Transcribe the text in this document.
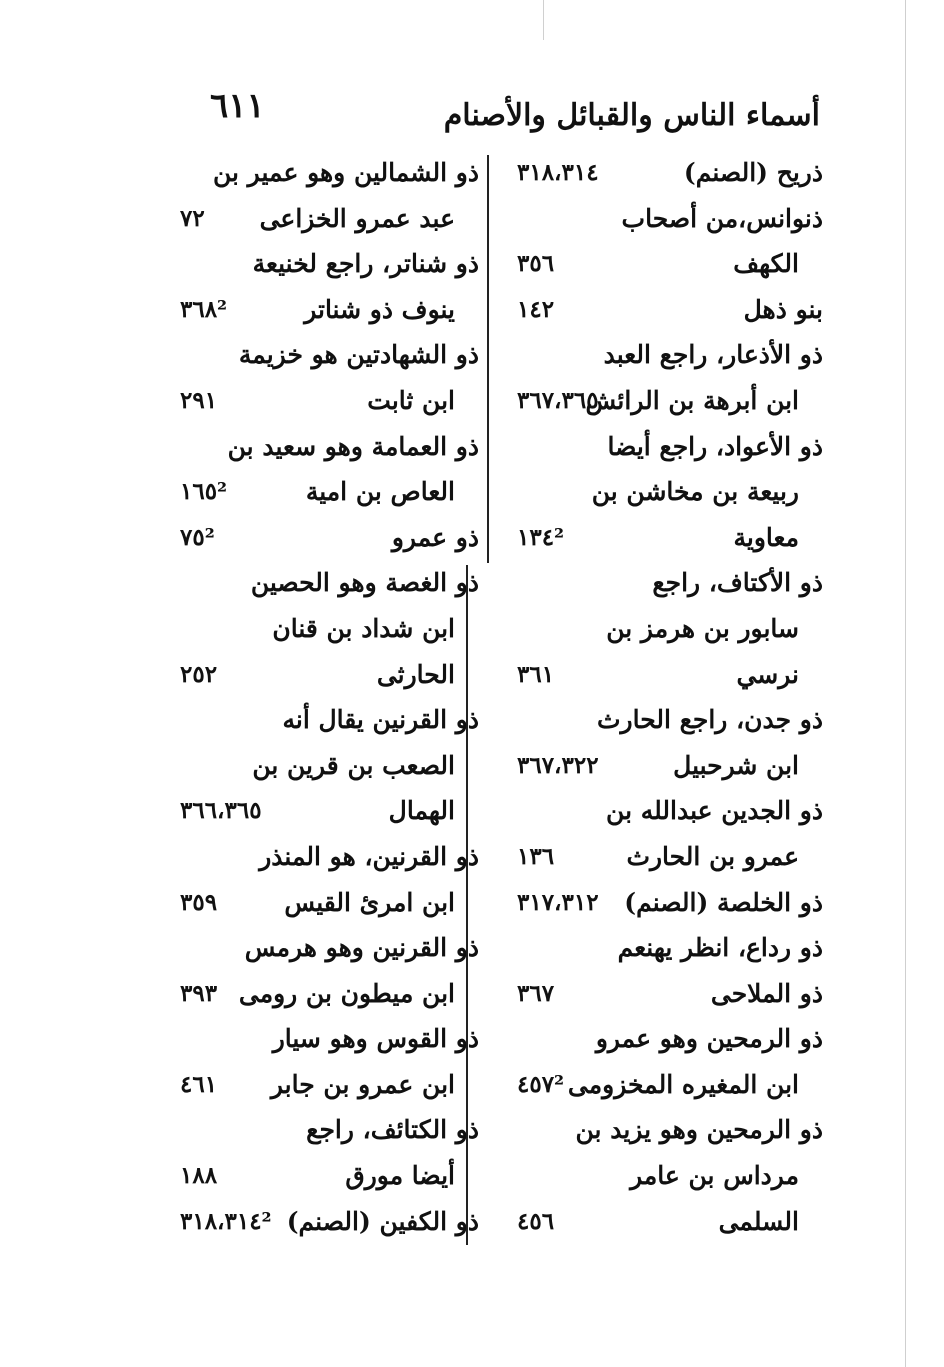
أسماء الناس والقبائل والأصنام
٦١١
ذريح (الصنم)
٣١٨،٣١٤
ذنوانس،من أصحاب
الكهف
٣٥٦
بنو ذهل
١٤٢
ذو الأذعار، راجع العبد
ابن أبرهة بن الرائش
٣٦٧،٣٦٥
ذو الأعواد، راجع أيضا
ربيعة بن مخاشن بن
معاوية
١٣٤²
ذو الأكتاف، راجع
سابور بن هرمز بن
نرسي
٣٦١
ذو جدن، راجع الحارث
ابن شرحبيل
٣٦٧،٣٢٢
ذو الجدين عبدالله بن
عمرو بن الحارث
١٣٦
ذو الخلصة (الصنم)
٣١٧،٣١٢
ذو رداع، انظر يهنعم
ذو الملاحى
٣٦٧
ذو الرمحين وهو عمرو
ابن المغيره المخزومى
٤٥٧²
ذو الرمحين وهو يزيد بن
مرداس بن عامر
السلمى
٤٥٦
ذو الشمالين وهو عمير بن
عبد عمرو الخزاعى
٧٢
ذو شناتر، راجع لخنيعة
ينوف ذو شناتر
٣٦٨²
ذو الشهادتين هو خزيمة
ابن ثابت
٢٩١
ذو العمامة وهو سعيد بن
العاص بن امية
١٦٥²
ذو عمرو
٧٥²
ذو الغصة وهو الحصين
ابن شداد بن قنان
الحارثى
٢٥٢
ذو القرنين يقال أنه
الصعب بن قرين بن
الهمال
٣٦٦،٣٦٥
ذو القرنين، هو المنذر
ابن امرئ القيس
٣٥٩
ذو القرنين وهو هرمس
ابن ميطون بن رومى
٣٩٣
ذو القوس وهو سيار
ابن عمرو بن جابر
٤٦١
ذو الكتائف، راجع
أيضا مورق
١٨٨
ذو الكفين (الصنم)
٣١٨،٣١٤²
